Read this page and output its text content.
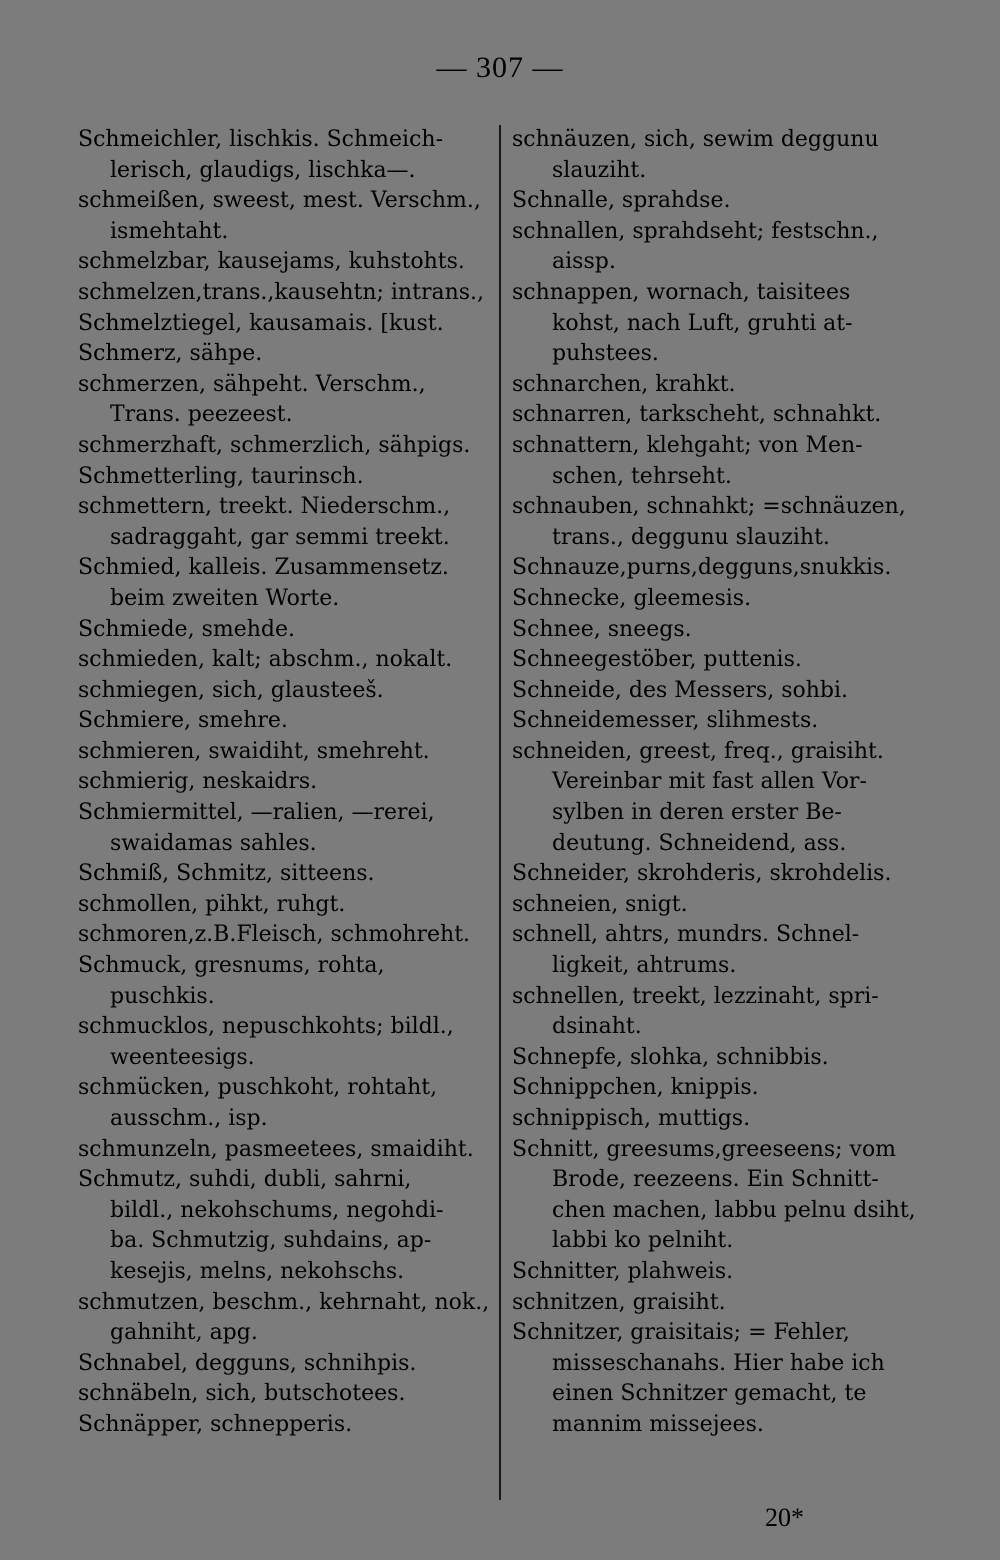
— 307 —
Schmeichler, lischkis. Schmeich-
lerisch, glaudigs, lischka—.
schmeißen, sweest, mest. Verschm.,
ismehtaht.
schmelzbar, kausejams, kuhstohts.
schmelzen,trans.,kausehtn; intrans.,
Schmelztiegel, kausamais. [kust.
Schmerz, sähpe.
schmerzen, sähpeht. Verschm.,
Trans. peezeest.
schmerzhaft, schmerzlich, sähpigs.
Schmetterling, taurinsch.
schmettern, treekt. Niederschm.,
sadraggaht, gar semmi treekt.
Schmied, kalleis. Zusammensetz.
beim zweiten Worte.
Schmiede, smehde.
schmieden, kalt; abschm., nokalt.
schmiegen, sich, glausteeš.
Schmiere, smehre.
schmieren, swaidiht, smehreht.
schmierig, neskaidrs.
Schmiermittel, —ralien, —rerei,
swaidamas sahles.
Schmiß, Schmitz, sitteens.
schmollen, pihkt, ruhgt.
schmoren,z.B.Fleisch, schmohreht.
Schmuck, gresnums, rohta,
puschkis.
schmucklos, nepuschkohts; bildl.,
weenteesigs.
schmücken, puschkoht, rohtaht,
ausschm., isp.
schmunzeln, pasmeetees, smaidiht.
Schmutz, suhdi, dubli, sahrni,
bildl., nekohschums, negohdi-
ba. Schmutzig, suhdains, ap-
kesejis, melns, nekohschs.
schmutzen, beschm., kehrnaht, nok.,
gahniht, apg.
Schnabel, degguns, schnihpis.
schnäbeln, sich, butschotees.
Schnäpper, schnepperis.
schnäuzen, sich, sewim deggunu
slauziht.
Schnalle, sprahdse.
schnallen, sprahdseht; festschn.,
aissp.
schnappen, wornach, taisitees
kohst, nach Luft, gruhti at-
puhstees.
schnarchen, krahkt.
schnarren, tarkscheht, schnahkt.
schnattern, klehgaht; von Men-
schen, tehrseht.
schnauben, schnahkt; =schnäuzen,
trans., deggunu slauziht.
Schnauze,purns,degguns,snukkis.
Schnecke, gleemesis.
Schnee, sneegs.
Schneegestöber, puttenis.
Schneide, des Messers, sohbi.
Schneidemesser, slihmests.
schneiden, greest, freq., graisiht.
Vereinbar mit fast allen Vor-
sylben in deren erster Be-
deutung. Schneidend, ass.
Schneider, skrohderis, skrohdelis.
schneien, snigt.
schnell, ahtrs, mundrs. Schnel-
ligkeit, ahtrums.
schnellen, treekt, lezzinaht, spri-
dsinaht.
Schnepfe, slohka, schnibbis.
Schnippchen, knippis.
schnippisch, muttigs.
Schnitt, greesums,greeseens; vom
Brode, reezeens. Ein Schnitt-
chen machen, labbu pelnu dsiht,
labbi ko pelniht.
Schnitter, plahweis.
schnitzen, graisiht.
Schnitzer, graisitais; = Fehler,
misseschanahs. Hier habe ich
einen Schnitzer gemacht, te
mannim missejees.
20*
